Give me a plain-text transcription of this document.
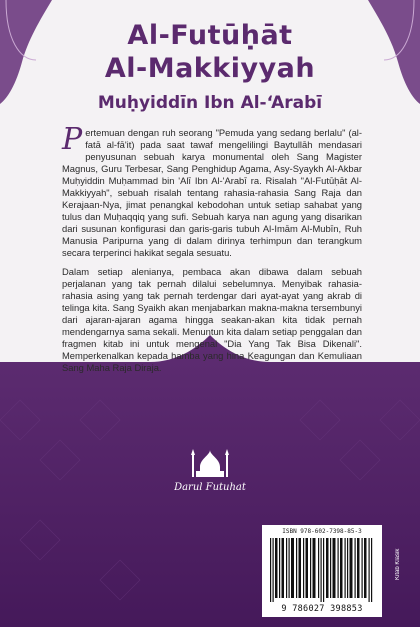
Al-Futūḥāt
Al-Makkiyyah
Muḥyiddīn Ibn Al-‘Arabī

P ertemuan dengan ruh seorang "Pemuda yang sedang berlalu" (al-fatā al-fā'it) pada saat tawaf mengelilingi Baytullāh mendasari penyusunan sebuah karya monumental oleh Sang Magister Magnus, Guru Terbesar, Sang Penghidup Agama, Asy-Syaykh Al-Akbar Muḥyiddin Muḥammad bin 'Alī Ibn Al-'Arabī ra. Risalah "Al-Futūḥāt Al-Makkiyyah", sebuah risalah tentang rahasia-rahasia Sang Raja dan Kerajaan-Nya, jimat penangkal kebodohan untuk setiap sahabat yang tulus dan Muḥaqqiq yang sufi. Sebuah karya nan agung yang disarikan dari susunan konfigurasi dan garis-garis tubuh Al-Imām Al-Mubīn, Ruh Manusia Paripurna yang di dalam dirinya terhimpun dan terangkum secara terperinci hakikat segala sesuatu.

Dalam setiap alenianya, pembaca akan dibawa dalam sebuah perjalanan yang tak pernah dilalui sebelumnya. Menyibak rahasia-rahasia asing yang tak pernah terdengar dari ayat-ayat yang akrab di telinga kita. Sang Syaikh akan menjabarkan makna-makna tersembunyi dari ajaran-ajaran agama hingga seakan-akan kita tidak pernah mendengarnya sama sekali. Menuntun kita dalam setiap penggalan dan fragmen kitab ini untuk mengenal "Dia Yang Tak Bisa Dikenali". Memperkenalkan kepada hamba yang hina Keagungan dan Kemuliaan Sang Maha Raja Diraja.

Darul Futuhat
ISBN 978-602-7398-85-3
9 786027 398853
Kitab Klasik
